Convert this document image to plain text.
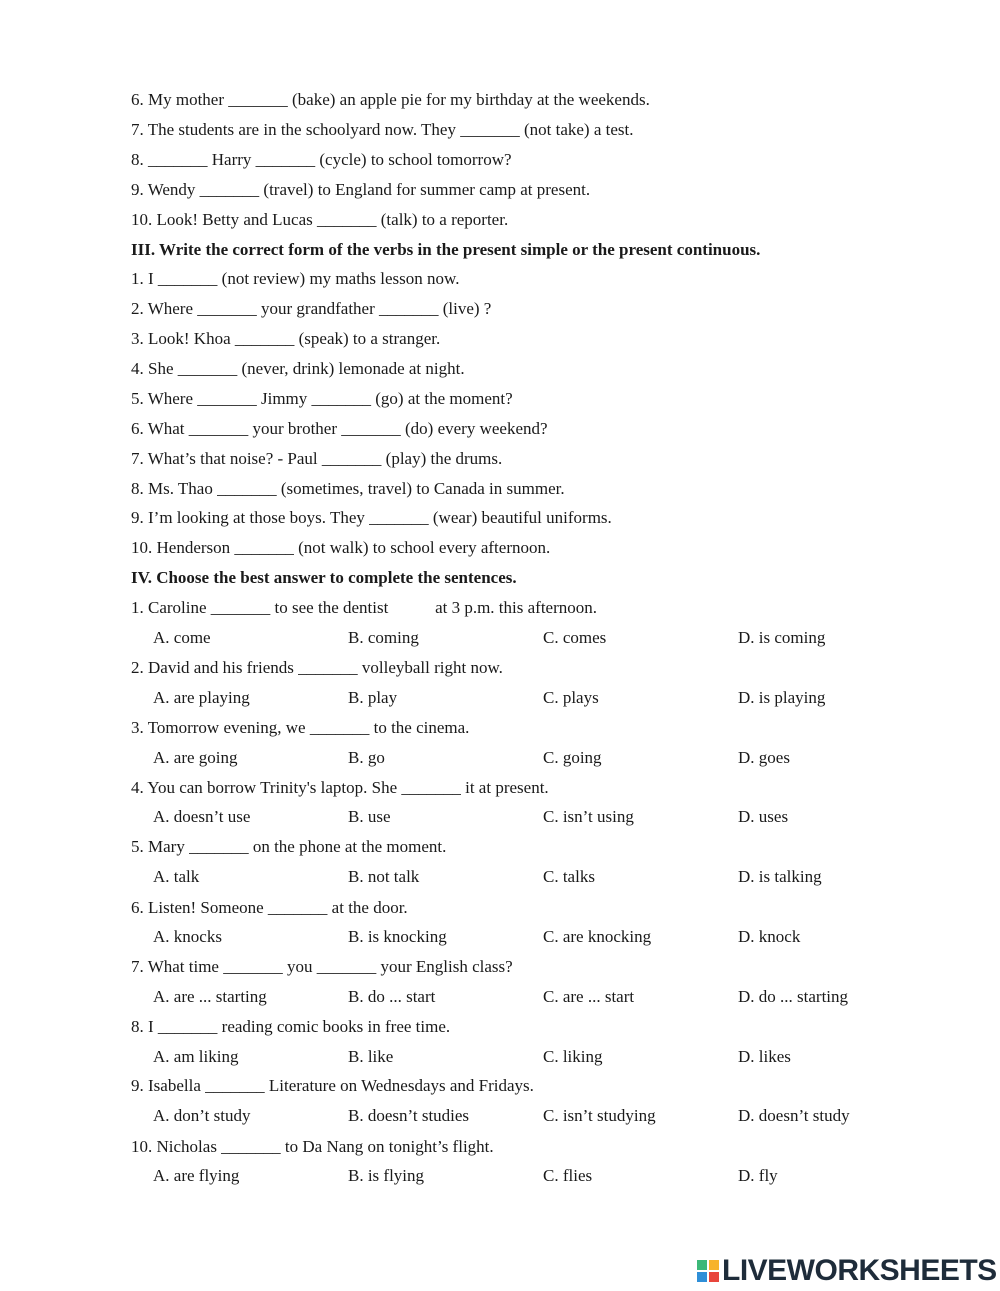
6. My mother _______ (bake) an apple pie for my birthday at the weekends.
7. The students are in the schoolyard now. They _______ (not take) a test.
8. _______ Harry _______ (cycle) to school tomorrow?
9. Wendy _______ (travel) to England for summer camp at present.
10. Look! Betty and Lucas _______ (talk) to a reporter.
III. Write the correct form of the verbs in the present simple or the present continuous.
1. I _______ (not review) my maths lesson now.
2. Where _______ your grandfather _______ (live) ?
3. Look! Khoa _______ (speak) to a stranger.
4. She _______ (never, drink) lemonade at night.
5. Where _______ Jimmy _______ (go) at the moment?
6. What _______ your brother _______ (do) every weekend?
7. What’s that noise? - Paul _______ (play) the drums.
8. Ms. Thao _______ (sometimes, travel) to Canada in summer.
9. I’m looking at those boys. They _______ (wear) beautiful uniforms.
10. Henderson _______ (not walk) to school every afternoon.
IV. Choose the best answer to complete the sentences.
1. Caroline _______ to see the dentist           at 3 p.m. this afternoon.
A. come	B. coming	C. comes	D. is coming
2. David and his friends _______ volleyball right now.
A. are playing	B. play	C. plays	D. is playing
3. Tomorrow evening, we _______ to the cinema.
A. are going	B. go	C. going	D. goes
4. You can borrow Trinity's laptop. She _______ it at present.
A. doesn’t use	B. use	C. isn’t using	D. uses
5. Mary _______ on the phone at the moment.
A. talk	B. not talk	C. talks	D. is talking
6. Listen! Someone _______ at the door.
A. knocks	B. is knocking	C. are knocking	D. knock
7. What time _______ you _______ your English class?
A. are ... starting	B. do ... start	C. are ... start	D. do ... starting
8. I _______ reading comic books in free time.
A. am liking	B. like	C. liking	D. likes
9. Isabella _______ Literature on Wednesdays and Fridays.
A. don’t study	B. doesn’t studies	C. isn’t studying	D. doesn’t study
10. Nicholas _______ to Da Nang on tonight’s flight.
A. are flying	B. is flying	C. flies	D. fly
LIVEWORKSHEETS
